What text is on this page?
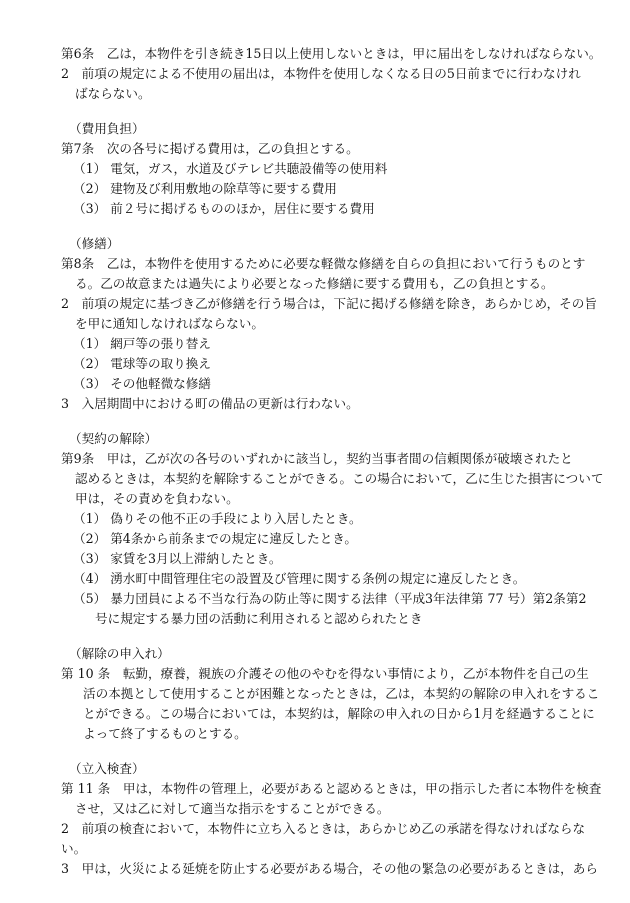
第6条　乙は，本物件を引き続き15日以上使用しないときは，甲に届出をしなければならない。
2　前項の規定による不使用の届出は，本物件を使用しなくなる日の5日前までに行わなけれ
ばならない。
（費用負担）
第7条　次の各号に掲げる費用は，乙の負担とする。
（1） 電気，ガス，水道及びテレビ共聴設備等の使用料
（2） 建物及び利用敷地の除草等に要する費用
（3） 前２号に掲げるもののほか，居住に要する費用
（修繕）
第8条　乙は，本物件を使用するために必要な軽微な修繕を自らの負担において行うものとす
る。乙の故意または過失により必要となった修繕に要する費用も，乙の負担とする。
2　前項の規定に基づき乙が修繕を行う場合は，下記に掲げる修繕を除き，あらかじめ，その旨
を甲に通知しなければならない。
（1） 網戸等の張り替え
（2） 電球等の取り換え
（3） その他軽微な修繕
3　入居期間中における町の備品の更新は行わない。
（契約の解除）
第9条　甲は，乙が次の各号のいずれかに該当し，契約当事者間の信頼関係が破壊されたと
認めるときは，本契約を解除することができる。この場合において，乙に生じた損害について
甲は，その責めを負わない。
（1） 偽りその他不正の手段により入居したとき。
（2） 第4条から前条までの規定に違反したとき。
（3） 家賃を3月以上滞納したとき。
（4） 湧水町中間管理住宅の設置及び管理に関する条例の規定に違反したとき。
（5） 暴力団員による不当な行為の防止等に関する法律（平成3年法律第 77 号）第2条第2
号に規定する暴力団の活動に利用されると認められたとき
（解除の申入れ）
第 10 条　転勤，療養，親族の介護その他のやむを得ない事情により，乙が本物件を自己の生
活の本拠として使用することが困難となったときは，乙は，本契約の解除の申入れをするこ
とができる。この場合においては，本契約は，解除の申入れの日から1月を経過することに
よって終了するものとする。
（立入検査）
第 11 条　甲は，本物件の管理上，必要があると認めるときは，甲の指示した者に本物件を検査
させ，又は乙に対して適当な指示をすることができる。
2　前項の検査において，本物件に立ち入るときは，あらかじめ乙の承諾を得なければならな
い。
3　甲は，火災による延焼を防止する必要がある場合，その他の緊急の必要があるときは，あら
